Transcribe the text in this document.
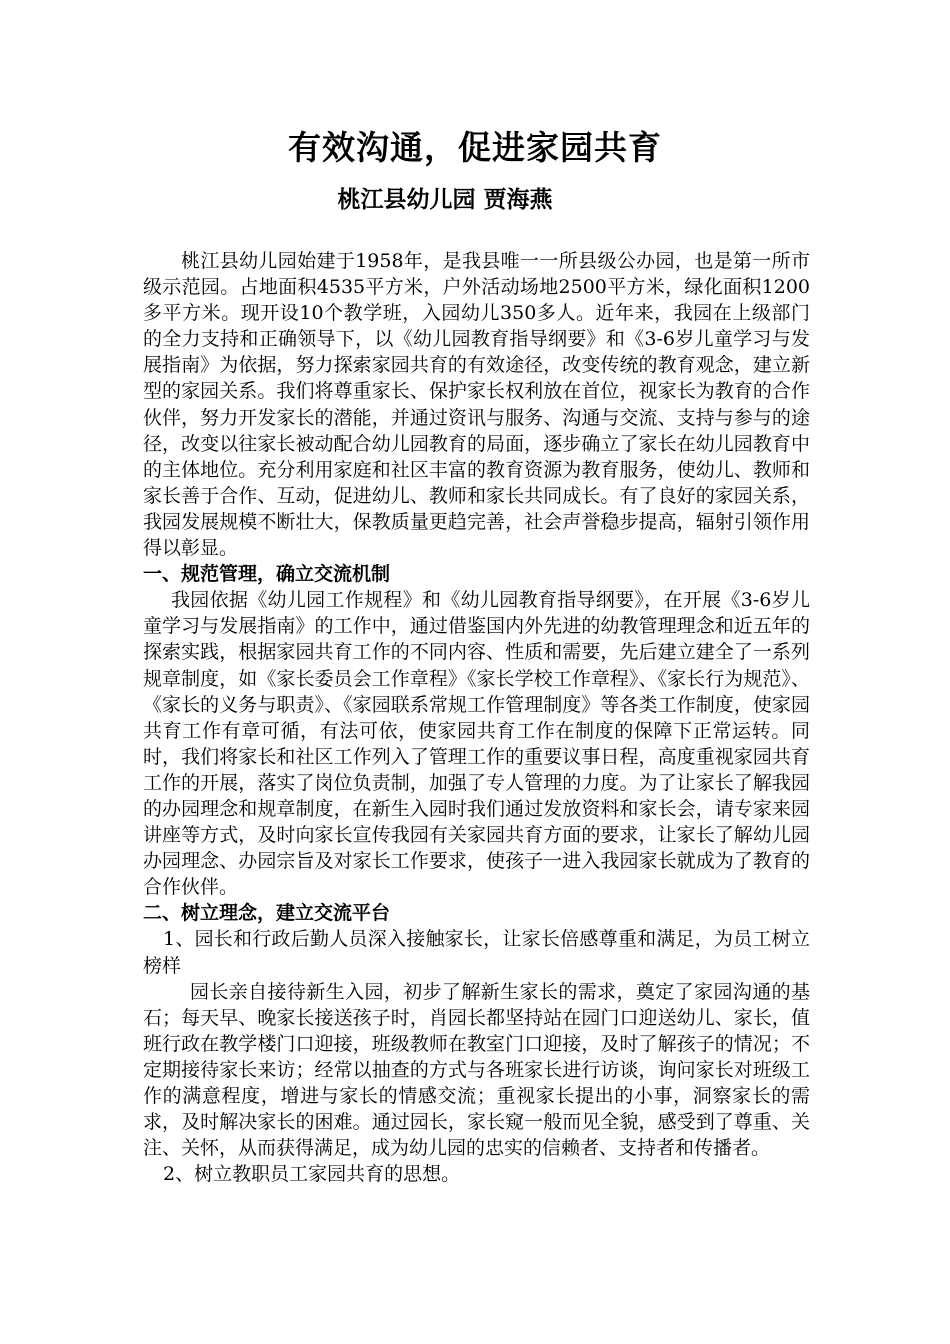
有效沟通，促进家园共育
桃江县幼儿园 贾海燕

桃江县幼儿园始建于1958年，是我县唯一一所县级公办园，也是第一所市级示范园。占地面积4535平方米，户外活动场地2500平方米，绿化面积1200多平方米。现开设10个教学班，入园幼儿350多人。近年来，我园在上级部门的全力支持和正确领导下，以《幼儿园教育指导纲要》和《3-6岁儿童学习与发展指南》为依据，努力探索家园共育的有效途径，改变传统的教育观念，建立新型的家园关系。我们将尊重家长、保护家长权利放在首位，视家长为教育的合作伙伴，努力开发家长的潜能，并通过资讯与服务、沟通与交流、支持与参与的途径，改变以往家长被动配合幼儿园教育的局面，逐步确立了家长在幼儿园教育中的主体地位。充分利用家庭和社区丰富的教育资源为教育服务，使幼儿、教师和家长善于合作、互动，促进幼儿、教师和家长共同成长。有了良好的家园关系，我园发展规模不断壮大，保教质量更趋完善，社会声誉稳步提高，辐射引领作用得以彰显。

一、规范管理，确立交流机制

我园依据《幼儿园工作规程》和《幼儿园教育指导纲要》，在开展《3-6岁儿童学习与发展指南》的工作中，通过借鉴国内外先进的幼教管理理念和近五年的探索实践，根据家园共育工作的不同内容、性质和需要，先后建立建全了一系列规章制度，如《家长委员会工作章程》《家长学校工作章程》、《家长行为规范》、《家长的义务与职责》、《家园联系常规工作管理制度》等各类工作制度，使家园共育工作有章可循，有法可依，使家园共育工作在制度的保障下正常运转。同时，我们将家长和社区工作列入了管理工作的重要议事日程，高度重视家园共育工作的开展，落实了岗位负责制，加强了专人管理的力度。为了让家长了解我园的办园理念和规章制度，在新生入园时我们通过发放资料和家长会，请专家来园讲座等方式，及时向家长宣传我园有关家园共育方面的要求，让家长了解幼儿园办园理念、办园宗旨及对家长工作要求，使孩子一进入我园家长就成为了教育的合作伙伴。

二、树立理念，建立交流平台

1、园长和行政后勤人员深入接触家长，让家长倍感尊重和满足，为员工树立榜样

园长亲自接待新生入园，初步了解新生家长的需求，奠定了家园沟通的基石；每天早、晚家长接送孩子时，肖园长都坚持站在园门口迎送幼儿、家长，值班行政在教学楼门口迎接，班级教师在教室门口迎接，及时了解孩子的情况；不定期接待家长来访；经常以抽查的方式与各班家长进行访谈，询问家长对班级工作的满意程度，增进与家长的情感交流；重视家长提出的小事，洞察家长的需求，及时解决家长的困难。通过园长，家长窥一般而见全貌，感受到了尊重、关注、关怀，从而获得满足，成为幼儿园的忠实的信赖者、支持者和传播者。

2、树立教职员工家园共育的思想。
